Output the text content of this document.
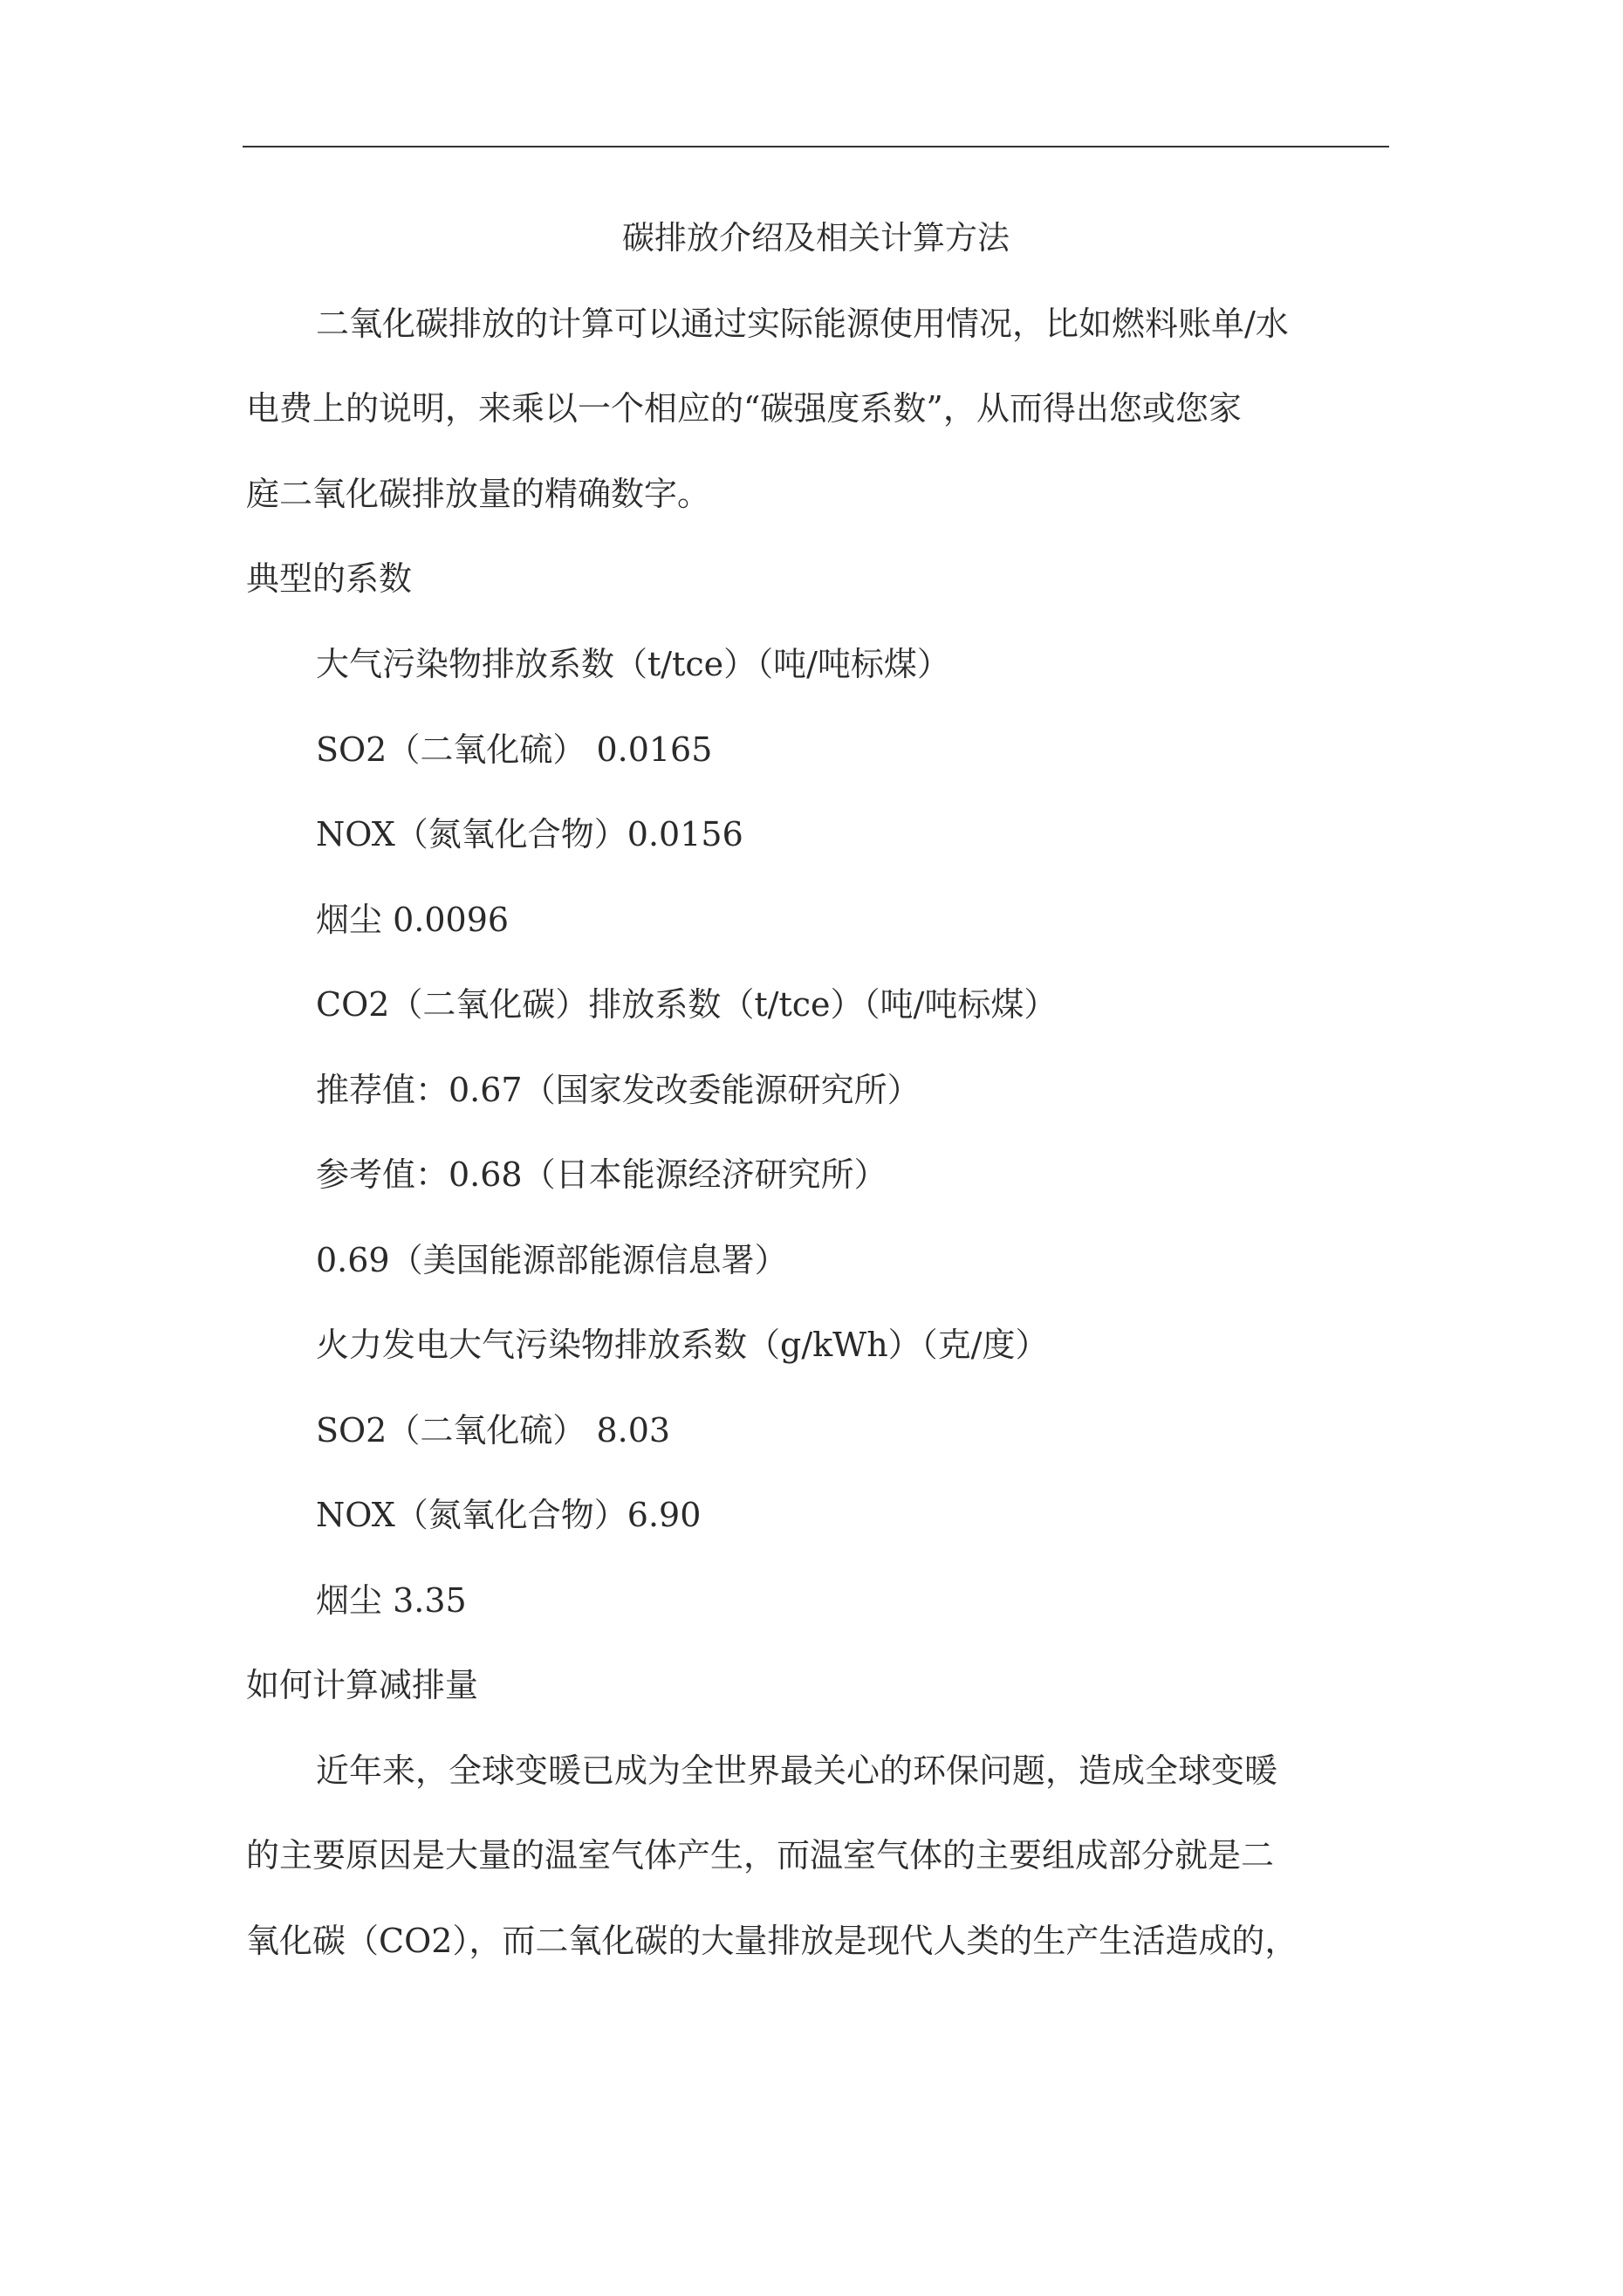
碳排放介绍及相关计算方法
二氧化碳排放的计算可以通过实际能源使用情况，比如燃料账单/水
电费上的说明，来乘以一个相应的“碳强度系数”，从而得出您或您家
庭二氧化碳排放量的精确数字。
典型的系数
大气污染物排放系数（t/tce）（吨/吨标煤）
SO2（二氧化硫） 0.0165
NOX（氮氧化合物）0.0156
烟尘 0.0096
CO2（二氧化碳）排放系数（t/tce）（吨/吨标煤）
推荐值：0.67（国家发改委能源研究所）
参考值：0.68（日本能源经济研究所）
0.69（美国能源部能源信息署）
火力发电大气污染物排放系数（g/kWh）（克/度）
SO2（二氧化硫） 8.03
NOX（氮氧化合物）6.90
烟尘 3.35
如何计算减排量
近年来，全球变暖已成为全世界最关心的环保问题，造成全球变暖
的主要原因是大量的温室气体产生，而温室气体的主要组成部分就是二
氧化碳（CO2），而二氧化碳的大量排放是现代人类的生产生活造成的，
